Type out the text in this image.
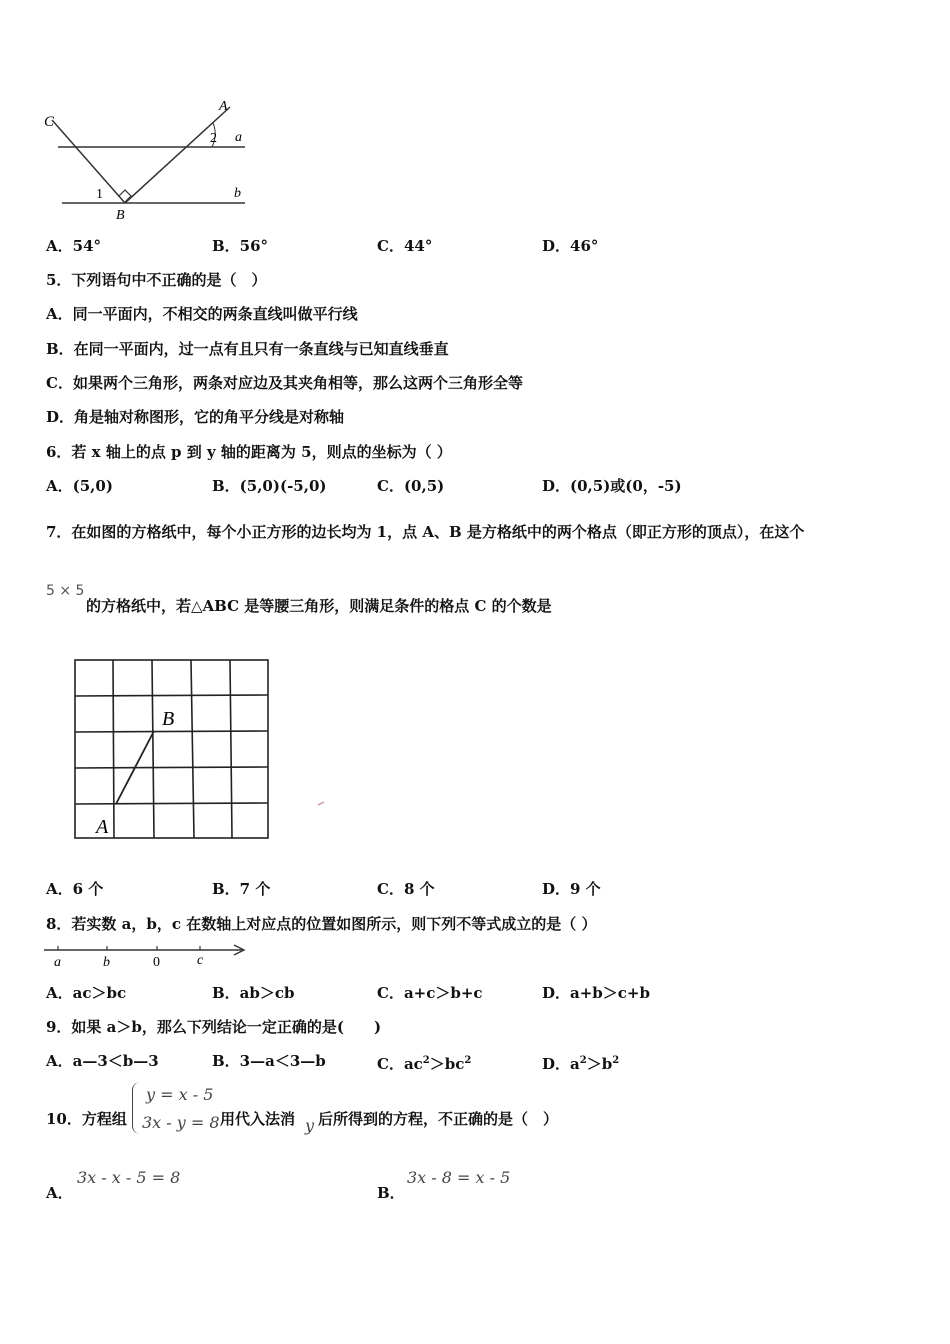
C
A
2 a
1
B
b
A．54°	B．56°	C．44°	D．46°
5．下列语句中不正确的是（　）
A．同一平面内，不相交的两条直线叫做平行线
B．在同一平面内，过一点有且只有一条直线与已知直线垂直
C．如果两个三角形，两条对应边及其夹角相等，那么这两个三角形全等
D．角是轴对称图形，它的角平分线是对称轴
6．若 x 轴上的点 p 到 y 轴的距离为 5，则点的坐标为（ ）
A．(5,0)	B．(5,0)(-5,0)	C．(0,5)	D．(0,5)或(0，-5)
7．在如图的方格纸中，每个小正方形的边长均为 1，点 A、B 是方格纸中的两个格点（即正方形的顶点），在这个
5 × 5
的方格纸中，若△ABC 是等腰三角形，则满足条件的格点 C 的个数是
A
B
A．6 个	B．7 个	C．8 个	D．9 个
8．若实数 a，b，c 在数轴上对应点的位置如图所示，则下列不等式成立的是（ ）
a	b	0	c
A．ac＞bc	B．ab＞cb	C．a+c＞b+c	D．a+b＞c+b
9．如果 a＞b，那么下列结论一定正确的是(　　)
A．a—3＜b—3	B．3—a＜3—b	C．$ac^2>bc^2$	D．$a^2>b^2$
10．方程组
y = x - 5
3x - y = 8 用代入法消 y 后所得到的方程，不正确的是（　）
A．
3x - x - 5 = 8
B．
3x - 8 = x - 5
